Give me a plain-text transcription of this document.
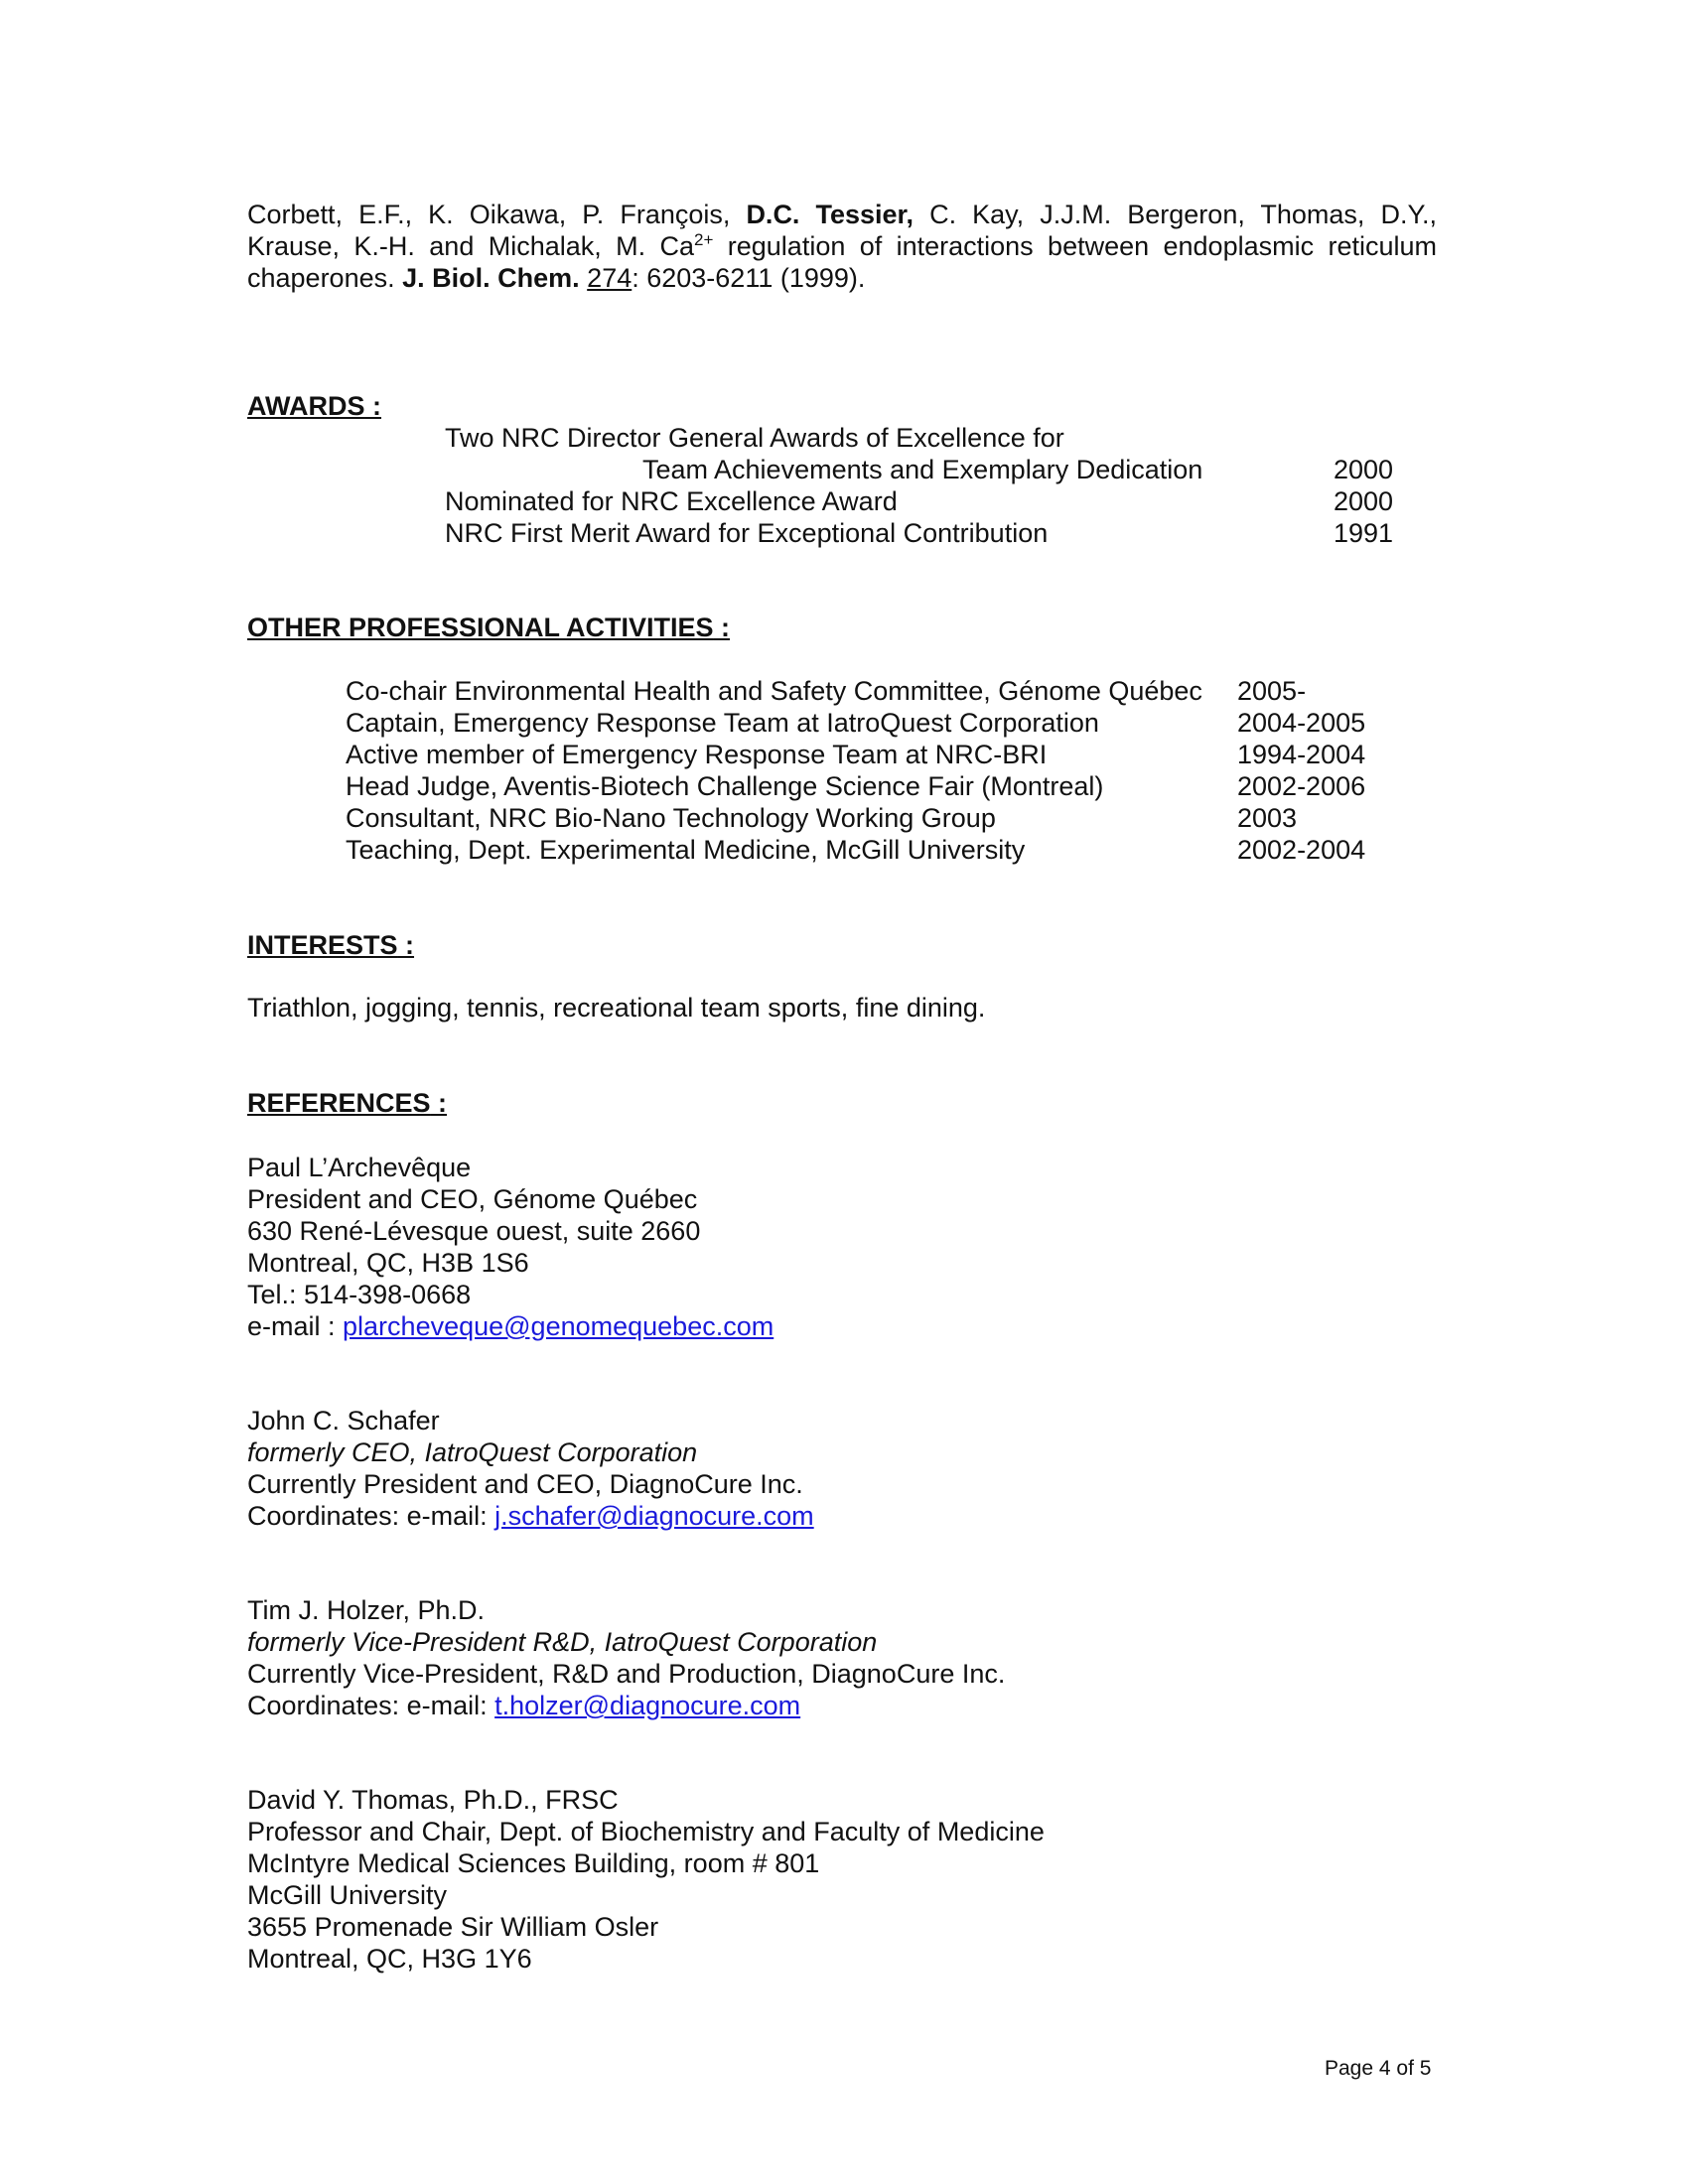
Corbett, E.F., K. Oikawa, P. François, D.C. Tessier, C. Kay, J.J.M. Bergeron, Thomas, D.Y.,
Krause, K.-H. and Michalak, M. $Ca^{2+}$ regulation of interactions between endoplasmic reticulum
chaperones. J. Biol. Chem. 274: 6203-6211 (1999).
AWARDS :
Two NRC Director General Awards of Excellence for
Team Achievements and Exemplary Dedication	2000
Nominated for NRC Excellence Award	2000
NRC First Merit Award for Exceptional Contribution	1991
OTHER PROFESSIONAL ACTIVITIES :
Co-chair Environmental Health and Safety Committee, Génome Québec 2005-
Captain, Emergency Response Team at IatroQuest Corporation	2004-2005
Active member of Emergency Response Team at NRC-BRI	1994-2004
Head Judge, Aventis-Biotech Challenge Science Fair (Montreal)	2002-2006
Consultant, NRC Bio-Nano Technology Working Group	2003
Teaching, Dept. Experimental Medicine, McGill University	2002-2004
INTERESTS :
Triathlon, jogging, tennis, recreational team sports, fine dining.
REFERENCES :
Paul L’Archevêque
President and CEO, Génome Québec
630 René-Lévesque ouest, suite 2660
Montreal, QC, H3B 1S6
Tel.: 514-398-0668
e-mail : plarcheveque@genomequebec.com
John C. Schafer
formerly CEO, IatroQuest Corporation
Currently President and CEO, DiagnoCure Inc.
Coordinates: e-mail: j.schafer@diagnocure.com
Tim J. Holzer, Ph.D.
formerly Vice-President R&D, IatroQuest Corporation
Currently Vice-President, R&D and Production, DiagnoCure Inc.
Coordinates: e-mail: t.holzer@diagnocure.com
David Y. Thomas, Ph.D., FRSC
Professor and Chair, Dept. of Biochemistry and Faculty of Medicine
McIntyre Medical Sciences Building, room # 801
McGill University
3655 Promenade Sir William Osler
Montreal, QC, H3G 1Y6
Page 4 of 5
